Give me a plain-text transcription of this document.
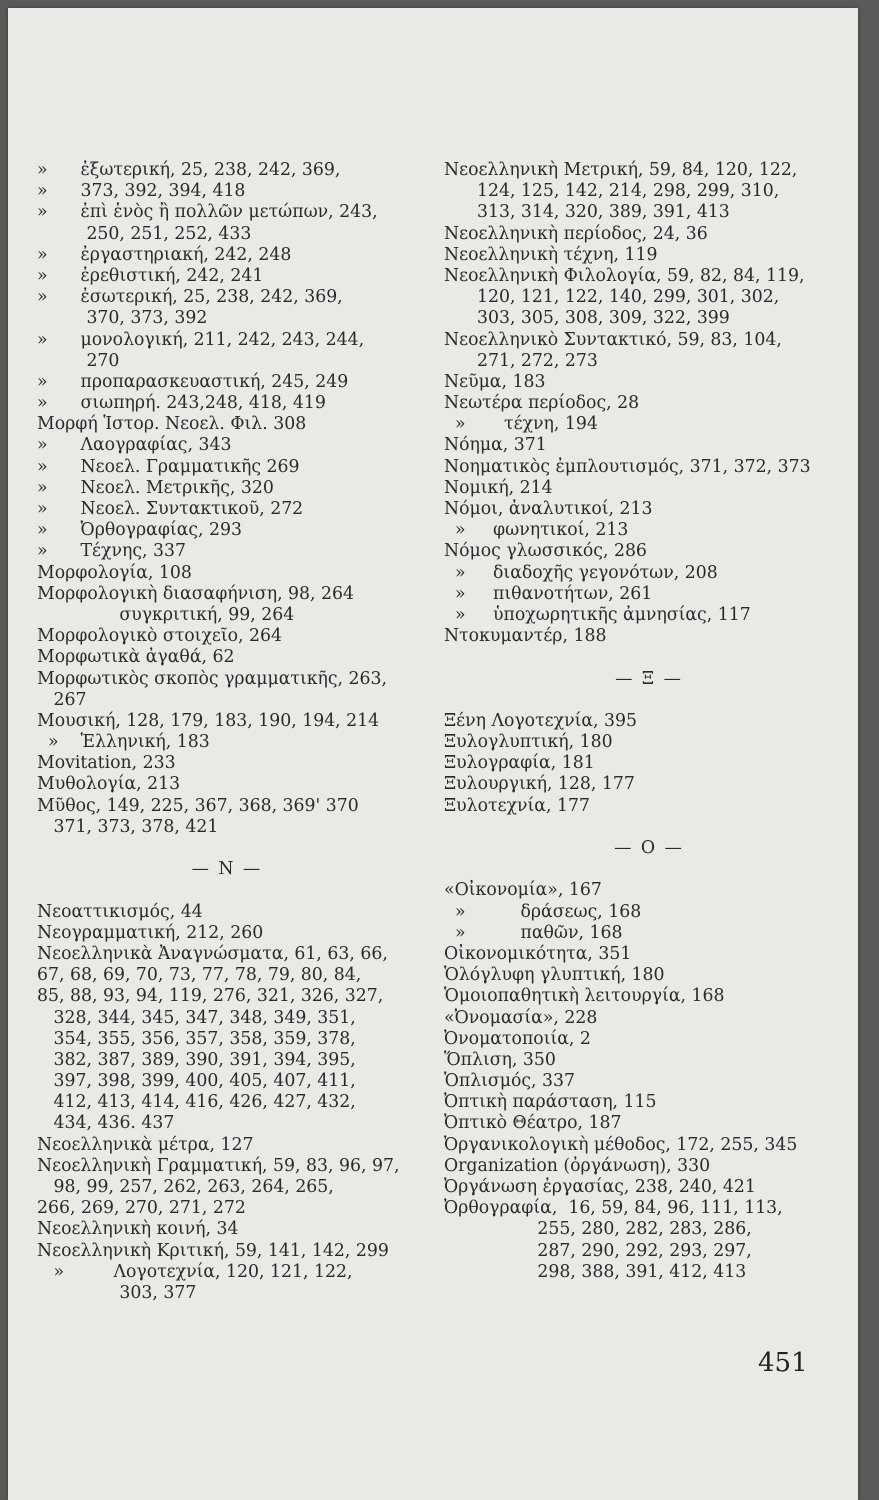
»      ἐξωτερική, 25, 238, 242, 369,
»      373, 392, 394, 418
»      ἐπὶ ἑνὸς ἢ πολλῶν μετώπων, 243,
250, 251, 252, 433
»      ἐργαστηριακή, 242, 248
»      ἐρεθιστική, 242, 241
»      ἐσωτερική, 25, 238, 242, 369,
370, 373, 392
»      μονολογική, 211, 242, 243, 244,
270
»      προπαρασκευαστική, 245, 249
»      σιωπηρή. 243,248, 418, 419
Μορφή Ἱστορ. Νεοελ. Φιλ. 308
»      Λαογραφίας, 343
»      Νεοελ. Γραμματικῆς 269
»      Νεοελ. Μετρικῆς, 320
»      Νεοελ. Συντακτικοῦ, 272
»      Ὀρθογραφίας, 293
»      Τέχνης, 337
Μορφολογία, 108
Μορφολογικὴ διασαφήνιση, 98, 264
συγκριτική, 99, 264
Μορφολογικὸ στοιχεῖο, 264
Μορφωτικὰ ἀγαθά, 62
Μορφωτικὸς σκοπὸς γραμματικῆς, 263,
267
Μουσική, 128, 179, 183, 190, 194, 214
»    Ἑλληνική, 183
Movitation, 233
Μυθολογία, 213
Μῦθος, 149, 225, 367, 368, 369' 370
371, 373, 378, 421
— Ν —
Νεοαττικισμός, 44
Νεογραμματική, 212, 260
Νεοελληνικὰ Ἀναγνώσματα, 61, 63, 66,
67, 68, 69, 70, 73, 77, 78, 79, 80, 84,
85, 88, 93, 94, 119, 276, 321, 326, 327,
328, 344, 345, 347, 348, 349, 351,
354, 355, 356, 357, 358, 359, 378,
382, 387, 389, 390, 391, 394, 395,
397, 398, 399, 400, 405, 407, 411,
412, 413, 414, 416, 426, 427, 432,
434, 436. 437
Νεοελληνικὰ μέτρα, 127
Νεοελληνικὴ Γραμματική, 59, 83, 96, 97,
98, 99, 257, 262, 263, 264, 265,
266, 269, 270, 271, 272
Νεοελληνικὴ κοινή, 34
Νεοελληνικὴ Κριτική, 59, 141, 142, 299
»         Λογοτεχνία, 120, 121, 122,
303, 377
Νεοελληνικὴ Μετρική, 59, 84, 120, 122,
124, 125, 142, 214, 298, 299, 310,
313, 314, 320, 389, 391, 413
Νεοελληνικὴ περίοδος, 24, 36
Νεοελληνικὴ τέχνη, 119
Νεοελληνικὴ Φιλολογία, 59, 82, 84, 119,
120, 121, 122, 140, 299, 301, 302,
303, 305, 308, 309, 322, 399
Νεοελληνικὸ Συντακτικό, 59, 83, 104,
271, 272, 273
Νεῦμα, 183
Νεωτέρα περίοδος, 28
»       τέχνη, 194
Νόημα, 371
Νοηματικὸς ἐμπλουτισμός, 371, 372, 373
Νομική, 214
Νόμοι, ἀναλυτικοί, 213
»     φωνητικοί, 213
Νόμος γλωσσικός, 286
»     διαδοχῆς γεγονότων, 208
»     πιθανοτήτων, 261
»     ὑποχωρητικῆς ἀμνησίας, 117
Ντοκυμαντέρ, 188
— Ξ —
Ξένη Λογοτεχνία, 395
Ξυλογλυπτική, 180
Ξυλογραφία, 181
Ξυλουργική, 128, 177
Ξυλοτεχνία, 177
— Ο —
«Οἰκονομία», 167
»          δράσεως, 168
»          παθῶν, 168
Οἰκονομικότητα, 351
Ὁλόγλυφη γλυπτική, 180
Ὁμοιοπαθητικὴ λειτουργία, 168
«Ὀνομασία», 228
Ὀνοματοποιία, 2
Ὅπλιση, 350
Ὁπλισμός, 337
Ὀπτικὴ παράσταση, 115
Ὀπτικὸ Θέατρο, 187
Ὀργανικολογικὴ μέθοδος, 172, 255, 345
Organization (ὀργάνωση), 330
Ὀργάνωση ἐργασίας, 238, 240, 421
Ὀρθογραφία,  16, 59, 84, 96, 111, 113,
255, 280, 282, 283, 286,
287, 290, 292, 293, 297,
298, 388, 391, 412, 413
451
